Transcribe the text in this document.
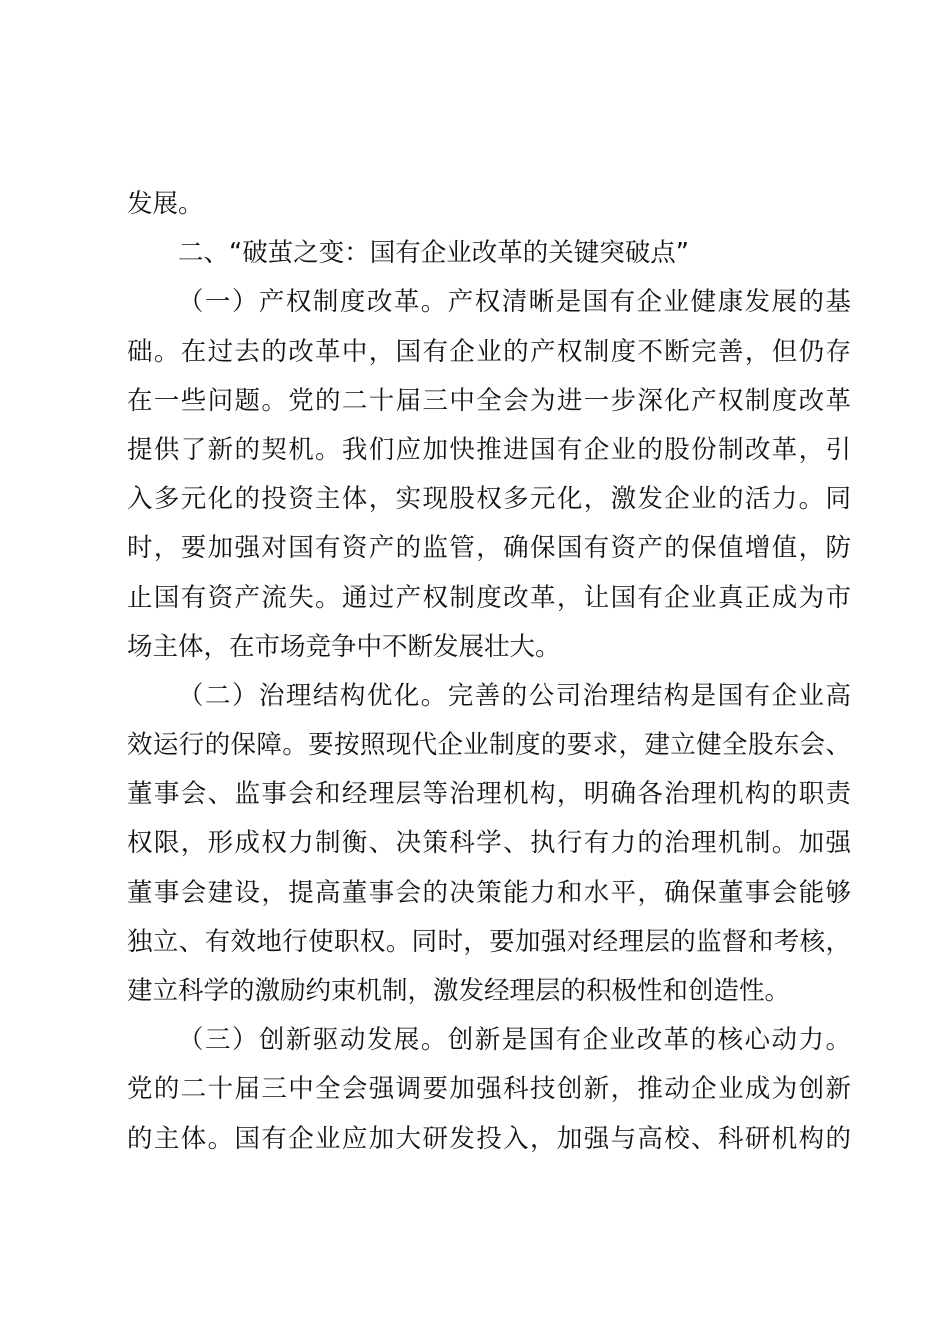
发展。
二、“破茧之变：国有企业改革的关键突破点”
（一）产权制度改革。产权清晰是国有企业健康发展的基
础。在过去的改革中，国有企业的产权制度不断完善，但仍存
在一些问题。党的二十届三中全会为进一步深化产权制度改革
提供了新的契机。我们应加快推进国有企业的股份制改革，引
入多元化的投资主体，实现股权多元化，激发企业的活力。同
时，要加强对国有资产的监管，确保国有资产的保值增值，防
止国有资产流失。通过产权制度改革，让国有企业真正成为市
场主体，在市场竞争中不断发展壮大。
（二）治理结构优化。完善的公司治理结构是国有企业高
效运行的保障。要按照现代企业制度的要求，建立健全股东会、
董事会、监事会和经理层等治理机构，明确各治理机构的职责
权限，形成权力制衡、决策科学、执行有力的治理机制。加强
董事会建设，提高董事会的决策能力和水平，确保董事会能够
独立、有效地行使职权。同时，要加强对经理层的监督和考核，
建立科学的激励约束机制，激发经理层的积极性和创造性。
（三）创新驱动发展。创新是国有企业改革的核心动力。
党的二十届三中全会强调要加强科技创新，推动企业成为创新
的主体。国有企业应加大研发投入，加强与高校、科研机构的
